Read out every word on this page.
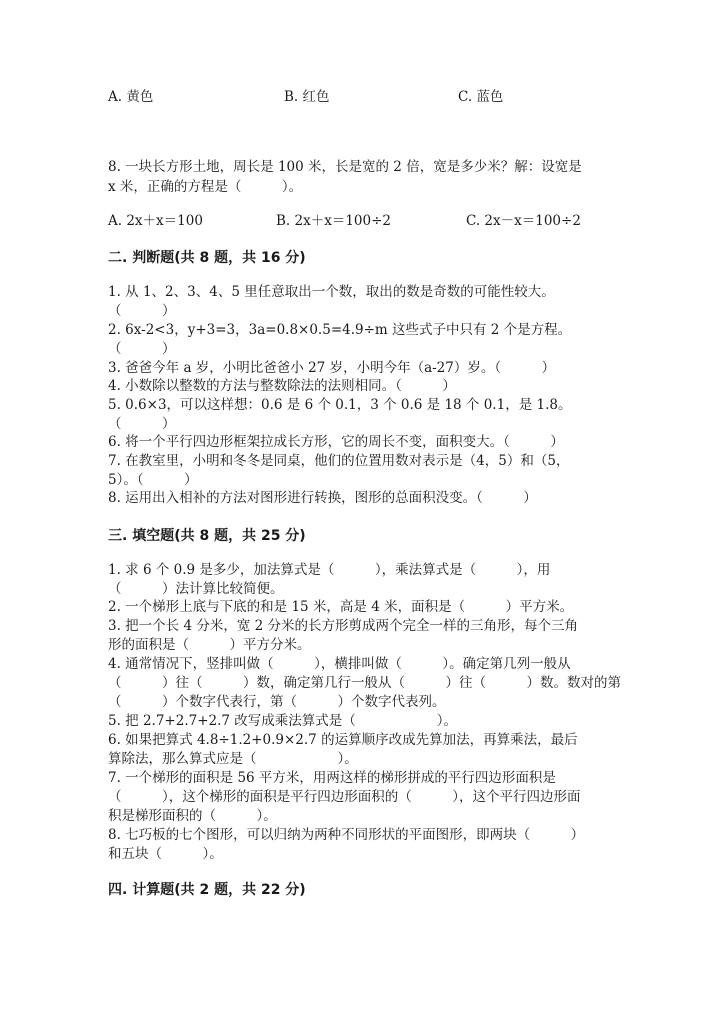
A. 黄色	B. 红色	C. 蓝色
8. 一块长方形土地，周长是 100 米，长是宽的 2 倍，宽是多少米？解：设宽是
x 米，正确的方程是（　　　）。
A. 2x＋x＝100	B. 2x＋x＝100÷2	C. 2x－x＝100÷2
二. 判断题(共 8 题，共 16 分)
1. 从 1、2、3、4、5 里任意取出一个数，取出的数是奇数的可能性较大。
（　　　）
2. 6x-2<3，y+3=3，3a=0.8×0.5=4.9÷m 这些式子中只有 2 个是方程。
（　　　）
3. 爸爸今年 a 岁，小明比爸爸小 27 岁，小明今年（a-27）岁。（　　　）
4. 小数除以整数的方法与整数除法的法则相同。（　　　）
5. 0.6×3，可以这样想：0.6 是 6 个 0.1，3 个 0.6 是 18 个 0.1，是 1.8。
（　　　）
6. 将一个平行四边形框架拉成长方形，它的周长不变，面积变大。（　　　）
7. 在教室里，小明和冬冬是同桌，他们的位置用数对表示是（4，5）和（5，
5）。（　　　）
8. 运用出入相补的方法对图形进行转换，图形的总面积没变。（　　　）
三. 填空题(共 8 题，共 25 分)
1. 求 6 个 0.9 是多少，加法算式是（　　　），乘法算式是（　　　），用
（　　　）法计算比较简便。
2. 一个梯形上底与下底的和是 15 米，高是 4 米，面积是（　　　）平方米。
3. 把一个长 4 分米，宽 2 分米的长方形剪成两个完全一样的三角形，每个三角
形的面积是（　　　）平方分米。
4. 通常情况下，竖排叫做（　　　），横排叫做（　　　）。确定第几列一般从
（　　　）往（　　　）数，确定第几行一般从（　　　）往（　　　）数。数对的第
（　　　）个数字代表行，第（　　　）个数字代表列。
5. 把 2.7+2.7+2.7 改写成乘法算式是（　　　　　　）。
6. 如果把算式 4.8÷1.2+0.9×2.7 的运算顺序改成先算加法，再算乘法，最后
算除法，那么算式应是（　　　　　　）。
7. 一个梯形的面积是 56 平方米，用两这样的梯形拼成的平行四边形面积是
（　　　），这个梯形的面积是平行四边形面积的（　　　），这个平行四边形面
积是梯形面积的（　　　）。
8. 七巧板的七个图形，可以归纳为两种不同形状的平面图形，即两块（　　　）
和五块（　　　）。
四. 计算题(共 2 题，共 22 分)
